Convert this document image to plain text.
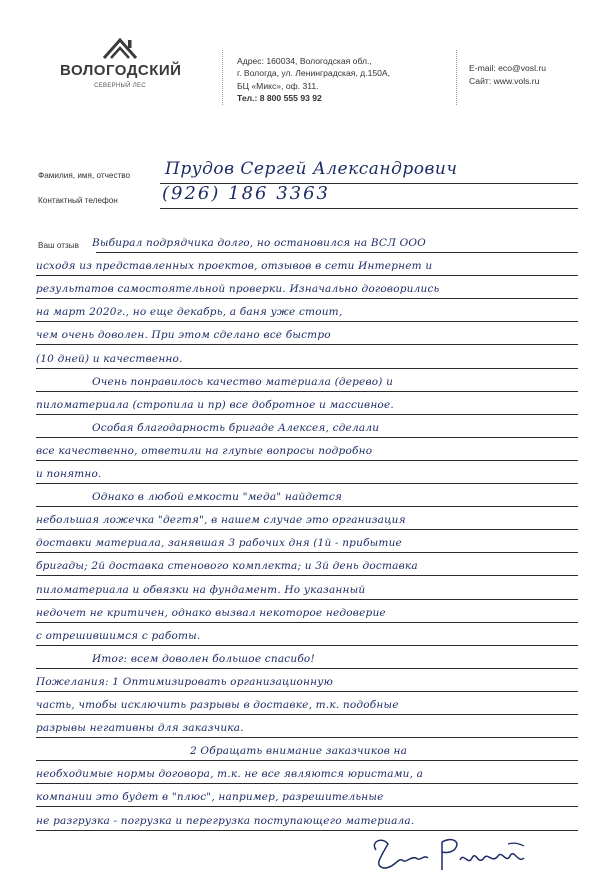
ВОЛОГОДСКИЙ
СЕВЕРНЫЙ ЛЕС
Адрес: 160034, Вологодская обл.,
г. Вологда, ул. Ленинградская, д.150А,
БЦ «Микс», оф. 311.
Тел.: 8 800 555 93 92
E-mail: eco@vosl.ru
Сайт: www.vols.ru
Фамилия, имя, отчество Прудов Сергей Александрович
Контактный телефон (926) 186 3363
Ваш отзыв Выбирал подрядчика долго, но остановился на ВСЛ ООО
исходя из представленных проектов, отзывов в сети Интернет и
результатов самостоятельной проверки. Изначально договорились
на март 2020г., но еще декабрь, а баня уже стоит,
чем очень доволен. При этом сделано все быстро
(10 дней) и качественно.
Очень понравилось качество материала (дерево) и
пиломатериала (стропила и пр) все добротное и массивное.
Особая благодарность бригаде Алексея, сделали
все качественно, ответили на глупые вопросы подробно
и понятно.
Однако в любой емкости "меда" найдется
небольшая ложечка "дегтя", в нашем случае это организация
доставки материала, занявшая 3 рабочих дня (1й - прибытие
бригады; 2й доставка стенового комплекта; и 3й день доставка
пиломатериала и обвязки на фундамент. Но указанный
недочет не критичен, однако вызвал некоторое недоверие
с отрешившимся с работы.
Итог: всем доволен большое спасибо!
Пожелания: 1 Оптимизировать организационную
часть, чтобы исключить разрывы в доставке, т.к. подобные
разрывы негативны для заказчика.
2 Обращать внимание заказчиков на
необходимые нормы договора, т.к. не все являются юристами, а
компании это будет в "плюс", например, разрешительные
не разгрузка - погрузка и перегрузка поступающего материала.
